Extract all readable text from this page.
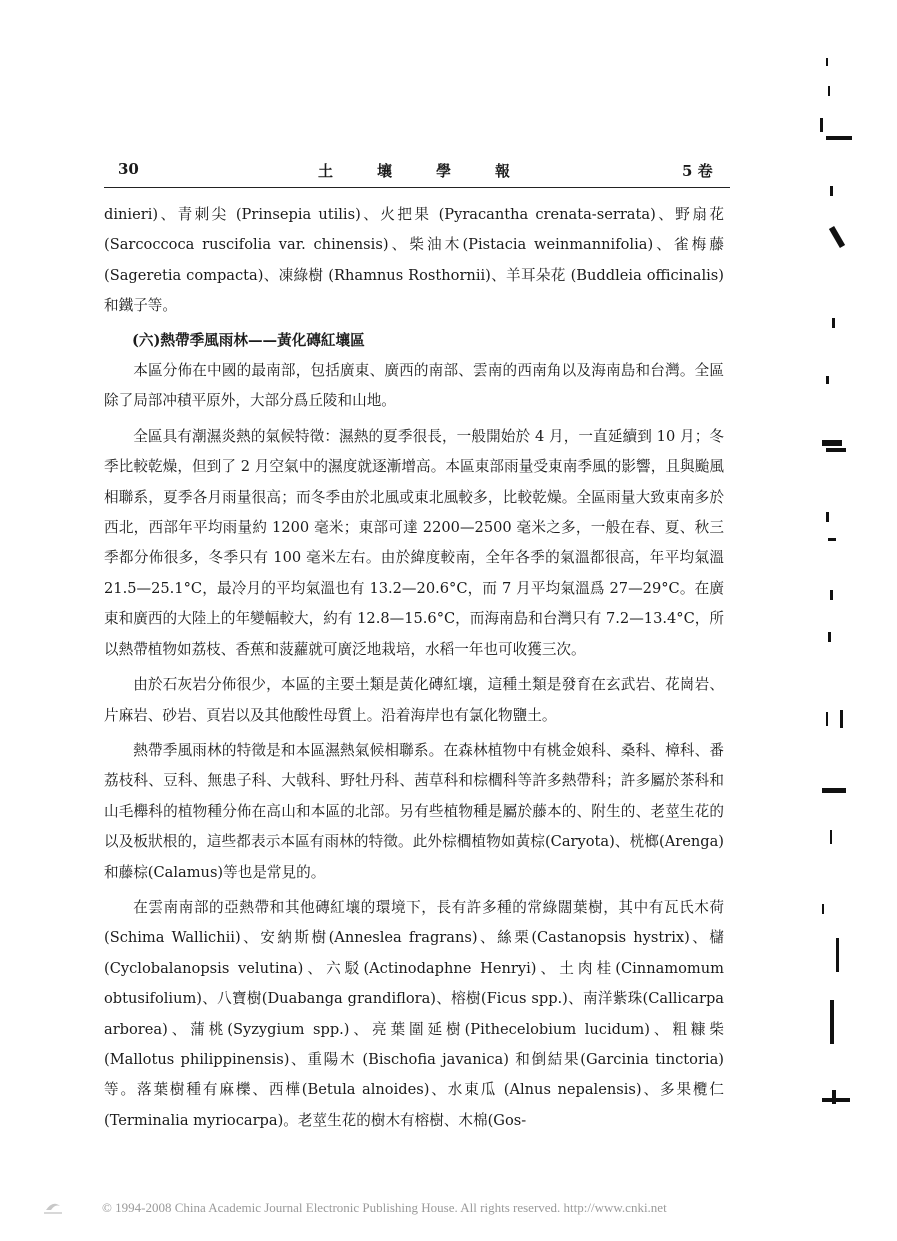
30	土壤學報	5 卷

dinieri)、青刺尖 (Prinsepia utilis)、火把果 (Pyracantha crenata-serrata)、野扇花(Sarcoccoca ruscifolia var. chinensis)、柴油木(Pistacia weinmannifolia)、雀梅藤 (Sageretia compacta)、凍綠樹 (Rhamnus Rosthornii)、羊耳朵花 (Buddleia officinalis)和鐵子等。

(六)熱帶季風雨林——黃化磚紅壤區

本區分佈在中國的最南部，包括廣東、廣西的南部、雲南的西南角以及海南島和台灣。全區除了局部冲積平原外，大部分爲丘陵和山地。

全區具有潮濕炎熱的氣候特徵：濕熱的夏季很長，一般開始於 4 月，一直延續到 10 月；冬季比較乾燥，但到了 2 月空氣中的濕度就逐漸增高。本區東部雨量受東南季風的影響，且與颱風相聯系，夏季各月雨量很高；而冬季由於北風或東北風較多，比較乾燥。全區雨量大致東南多於西北，西部年平均雨量約 1200 毫米；東部可達 2200—2500 毫米之多，一般在春、夏、秋三季都分佈很多，冬季只有 100 毫米左右。由於緯度較南，全年各季的氣溫都很高，年平均氣溫 21.5—25.1°C，最冷月的平均氣溫也有 13.2—20.6°C，而 7 月平均氣溫爲 27—29°C。在廣東和廣西的大陸上的年變幅較大，約有 12.8—15.6°C，而海南島和台灣只有 7.2—13.4°C，所以熱帶植物如荔枝、香蕉和菠蘿就可廣泛地栽培，水稻一年也可收獲三次。

由於石灰岩分佈很少，本區的主要土類是黃化磚紅壤，這種土類是發育在玄武岩、花崗岩、片麻岩、砂岩、頁岩以及其他酸性母質上。沿着海岸也有氯化物鹽土。

熱帶季風雨林的特徵是和本區濕熱氣候相聯系。在森林植物中有桃金娘科、桑科、樟科、番荔枝科、豆科、無患子科、大戟科、野牡丹科、茜草科和棕櫚科等許多熱帶科；許多屬於茶科和山毛櫸科的植物種分佈在高山和本區的北部。另有些植物種是屬於藤本的、附生的、老莖生花的以及板狀根的，這些都表示本區有雨林的特徵。此外棕櫚植物如黃棕(Caryota)、桄榔(Arenga)和藤棕(Calamus)等也是常見的。

在雲南南部的亞熱帶和其他磚紅壤的環境下，長有許多種的常綠闊葉樹，其中有瓦氏木荷(Schima Wallichii)、安納斯樹(Anneslea fragrans)、絲栗(Castanopsis hystrix)、櫧(Cyclobalanopsis velutina)、六駁(Actinodaphne Henryi)、土肉桂(Cinnamomum obtusifolium)、八寶樹(Duabanga grandiflora)、榕樹(Ficus spp.)、南洋紫珠(Callicarpa arborea)、蒲桃(Syzygium spp.)、亮葉圍延樹(Pithecelobium lucidum)、粗糠柴(Mallotus philippinensis)、重陽木 (Bischofia javanica) 和倒結果(Garcinia tinctoria)等。落葉樹種有麻櫟、西樺(Betula alnoides)、水東瓜 (Alnus nepalensis)、多果欖仁(Terminalia myriocarpa)。老莖生花的樹木有榕樹、木棉(Gos-

© 1994-2008 China Academic Journal Electronic Publishing House. All rights reserved. http://www.cnki.net
